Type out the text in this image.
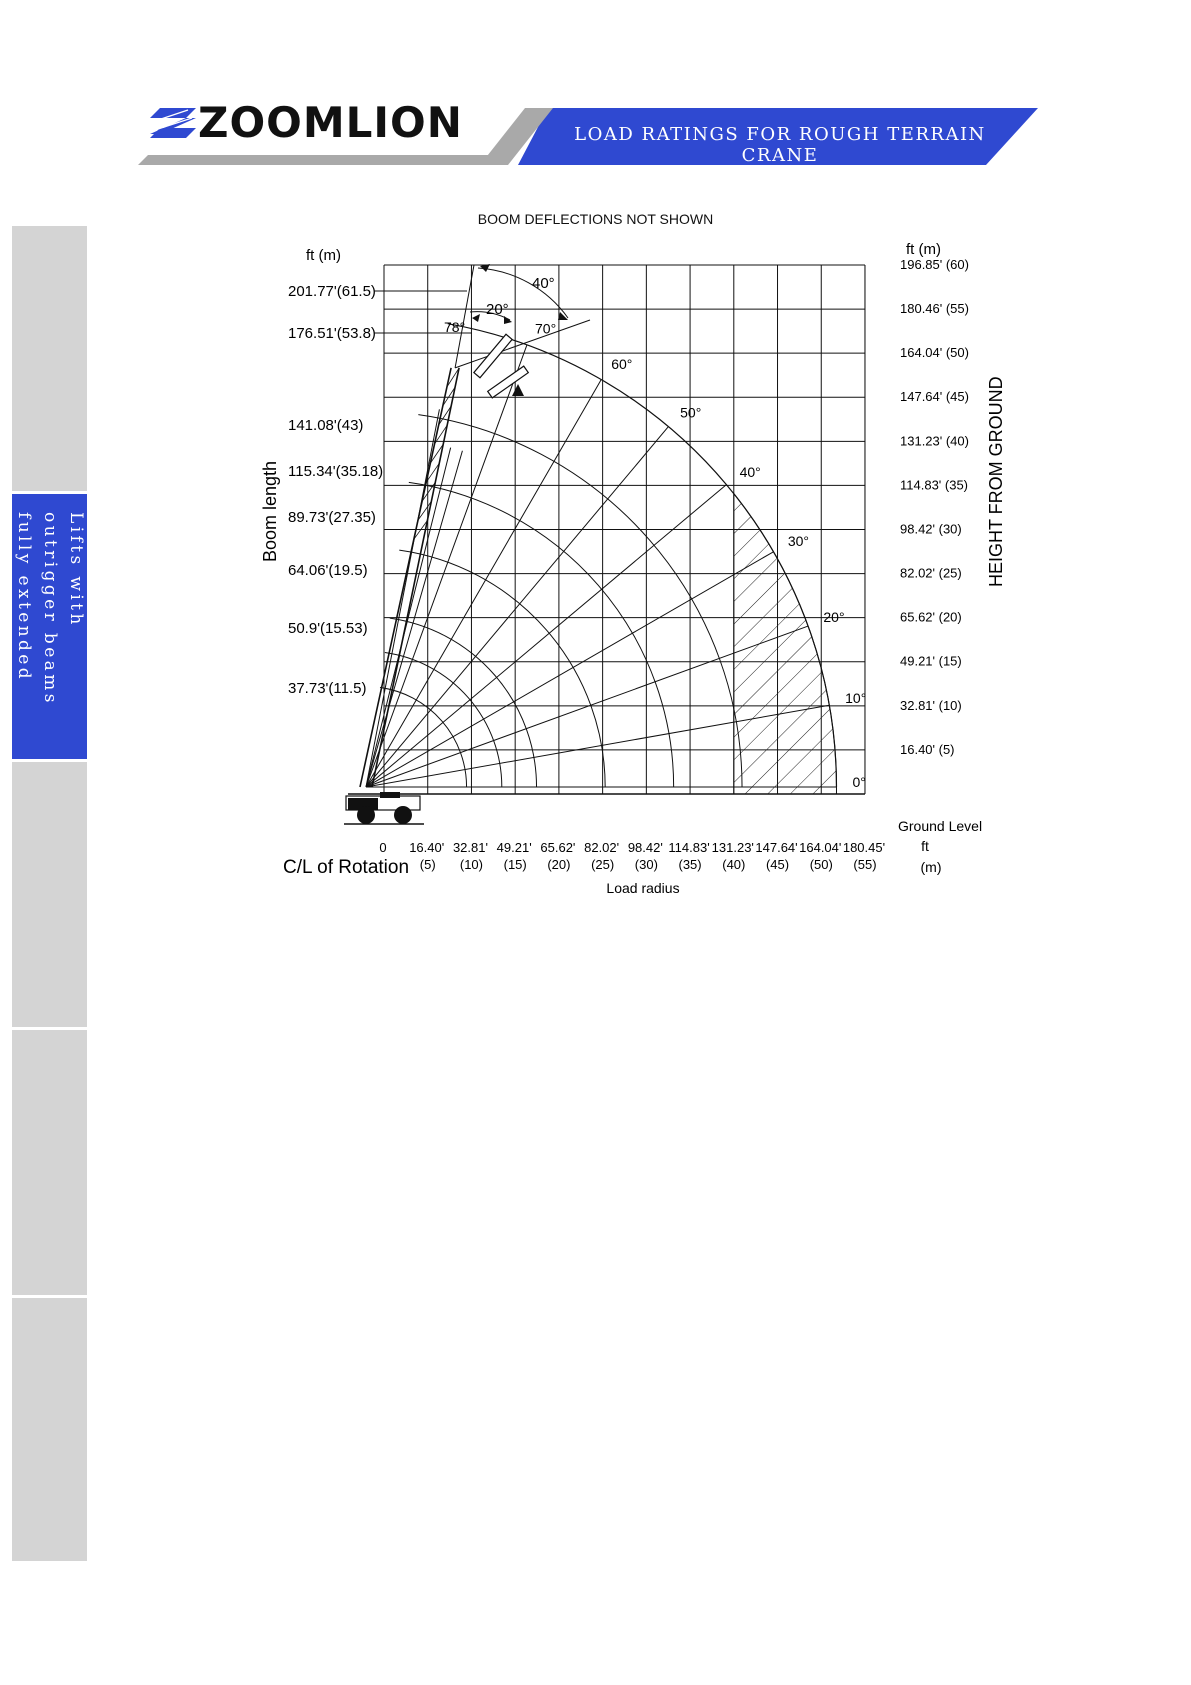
Lifts with outrigger beams fully extended
ZOOMLION	LOAD RATINGS FOR ROUGH TERRAIN CRANE
BOOM DEFLECTIONS NOT SHOWN
70°
60°
50°
40°
30°
20°
10°
0°
78°
20°
40°
201.77'(61.5)
176.51'(53.8)
141.08'(43)
115.34'(35.18)
89.73'(27.35)
64.06'(19.5)
50.9'(15.53)
37.73'(11.5)
196.85' (60)
180.46' (55)
164.04' (50)
147.64' (45)
131.23' (40)
114.83' (35)
98.42' (30)
82.02' (25)
65.62' (20)
49.21' (15)
32.81' (10)
16.40' (5)
0 16.40'
(5)
32.81'
(10)
49.21'
(15)
65.62'
(20)
82.02'
(25)
98.42'
(30)
114.83'
(35)
131.23'
(40)
147.64'
(45)
164.04'
(50)
180.45'
(55)
ft (m)	ft (m)
Boom length	HEIGHT FROM GROUND
Load radius
C/L of Rotation
Ground Level
ft
(m)
